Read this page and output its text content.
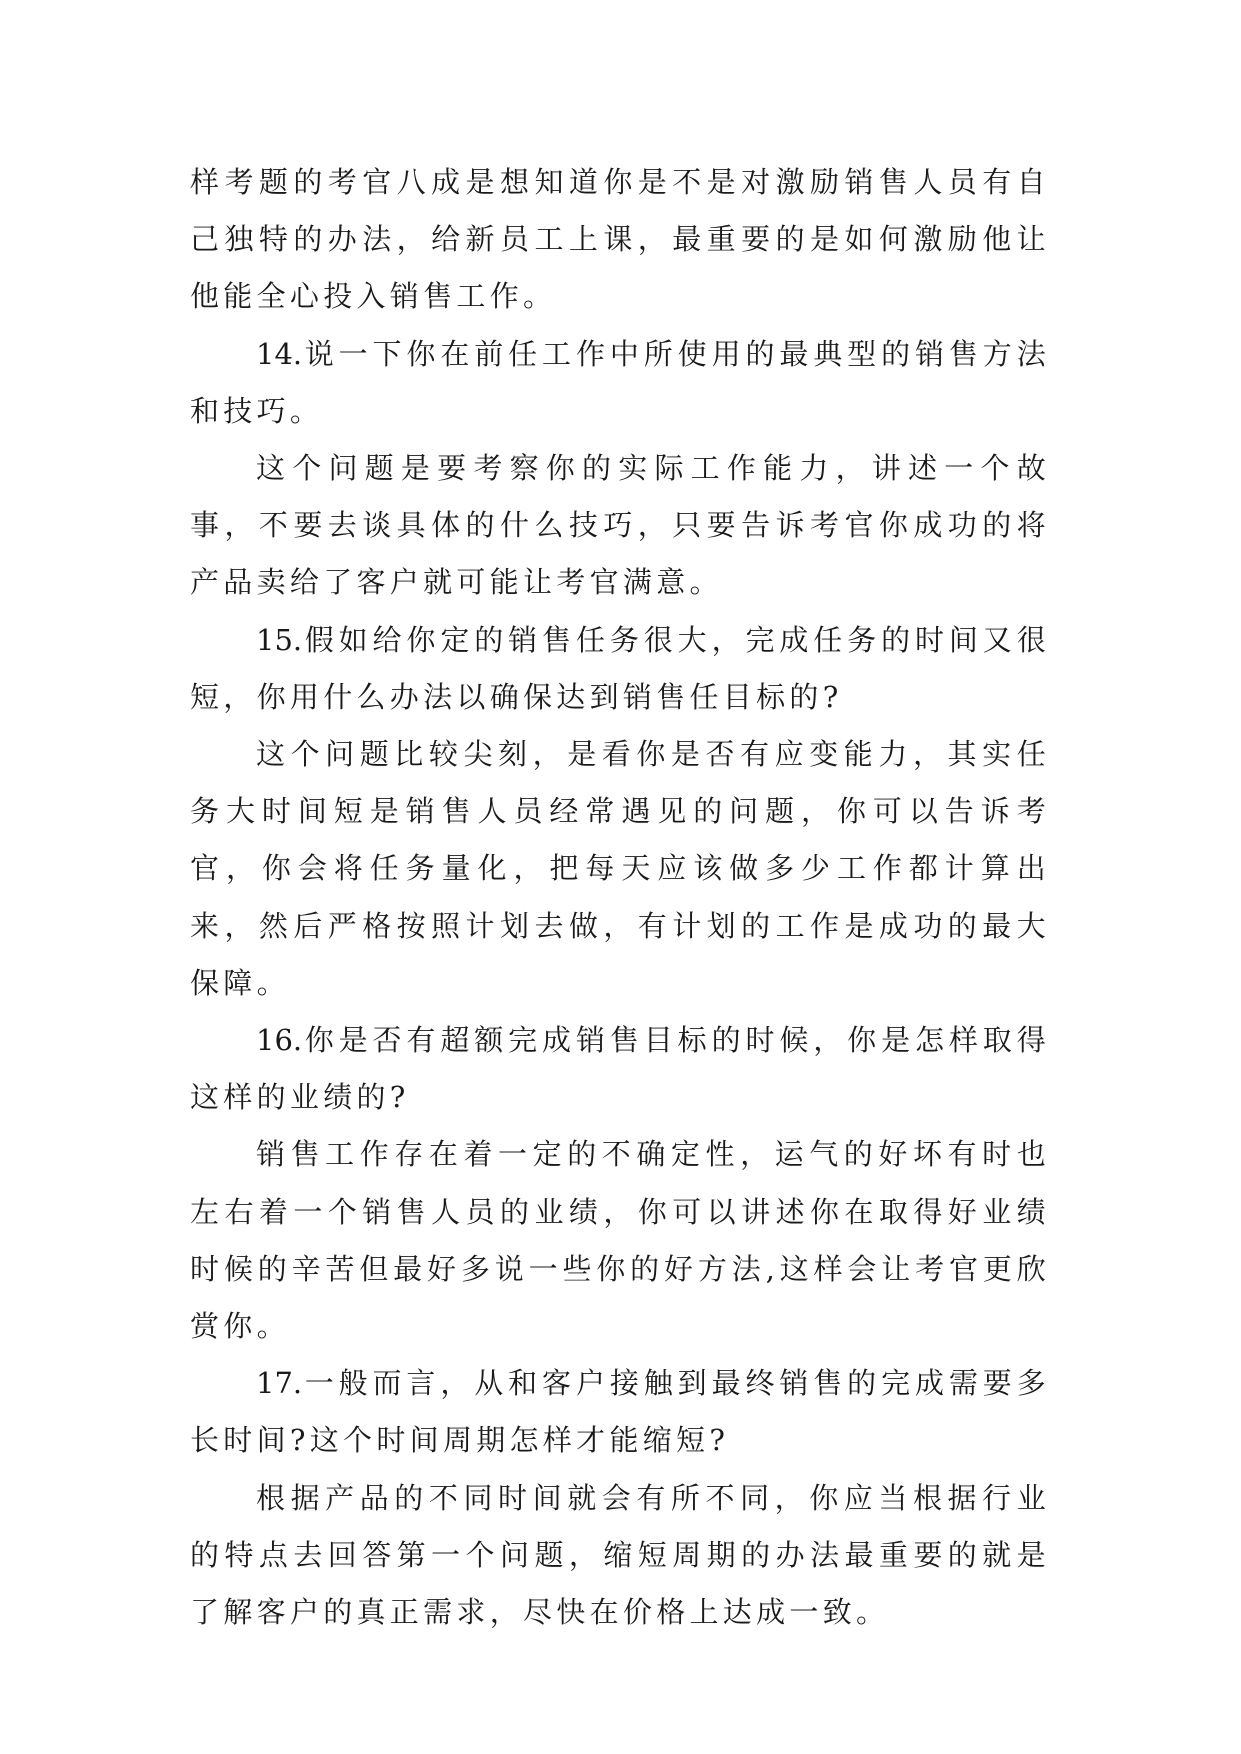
样考题的考官八成是想知道你是不是对激励销售人员有自己独特的办法，给新员工上课，最重要的是如何激励他让他能全心投入销售工作。

14.说一下你在前任工作中所使用的最典型的销售方法和技巧。

这个问题是要考察你的实际工作能力，讲述一个故事，不要去谈具体的什么技巧，只要告诉考官你成功的将产品卖给了客户就可能让考官满意。

15.假如给你定的销售任务很大，完成任务的时间又很短，你用什么办法以确保达到销售任目标的?

这个问题比较尖刻，是看你是否有应变能力，其实任务大时间短是销售人员经常遇见的问题，你可以告诉考官，你会将任务量化，把每天应该做多少工作都计算出来，然后严格按照计划去做，有计划的工作是成功的最大保障。

16.你是否有超额完成销售目标的时候，你是怎样取得这样的业绩的?

销售工作存在着一定的不确定性，运气的好坏有时也左右着一个销售人员的业绩，你可以讲述你在取得好业绩时候的辛苦但最好多说一些你的好方法,这样会让考官更欣赏你。

17.一般而言，从和客户接触到最终销售的完成需要多长时间?这个时间周期怎样才能缩短?

根据产品的不同时间就会有所不同，你应当根据行业的特点去回答第一个问题，缩短周期的办法最重要的就是了解客户的真正需求，尽快在价格上达成一致。
